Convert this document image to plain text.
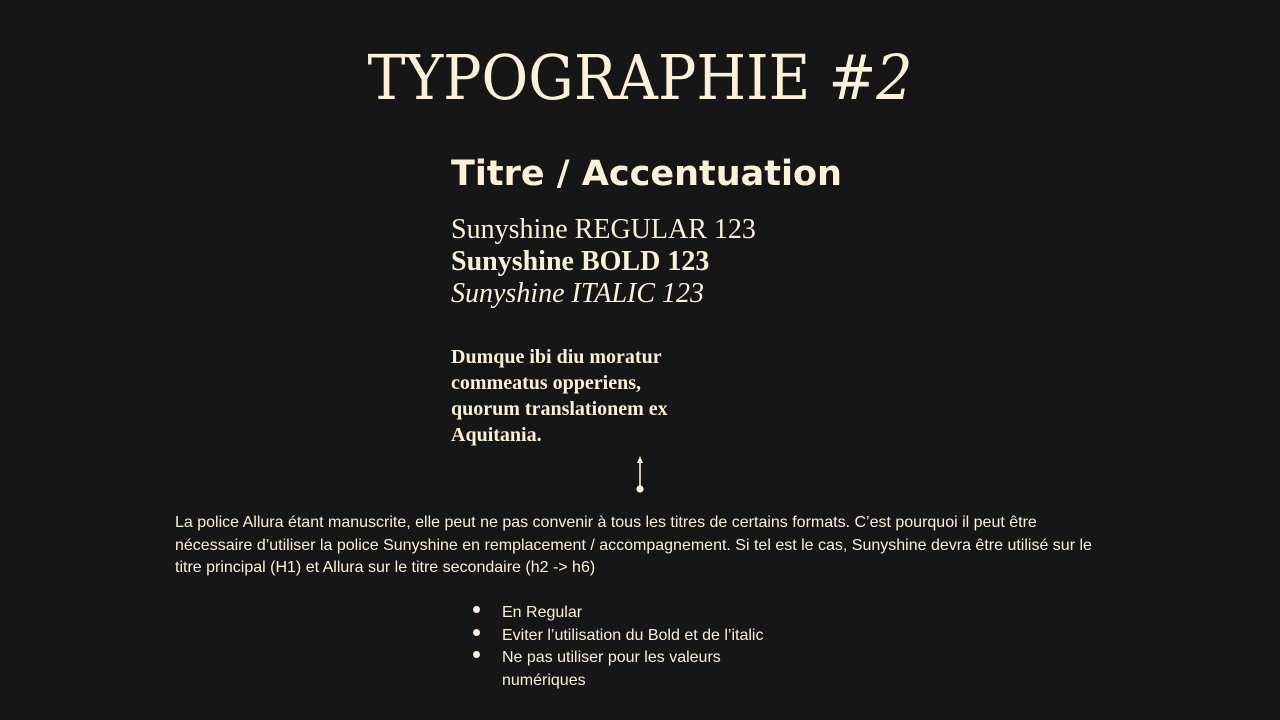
TYPOGRAPHIE #2
Titre / Accentuation
Sunyshine REGULAR 123
Sunyshine BOLD 123
Sunyshine ITALIC 123
Dumque ibi diu moratur
commeatus opperiens,
quorum translationem ex
Aquitania.
La police Allura étant manuscrite, elle peut ne pas convenir à tous les titres de certains formats. C’est pourquoi il peut être nécessaire d’utiliser la police Sunyshine en remplacement / accompagnement. Si tel est le cas, Sunyshine devra être utilisé sur le titre principal (H1) et Allura sur le titre secondaire (h2 -> h6)
En Regular
Eviter l’utilisation du Bold et de l’italic
Ne pas utiliser pour les valeurs numériques
